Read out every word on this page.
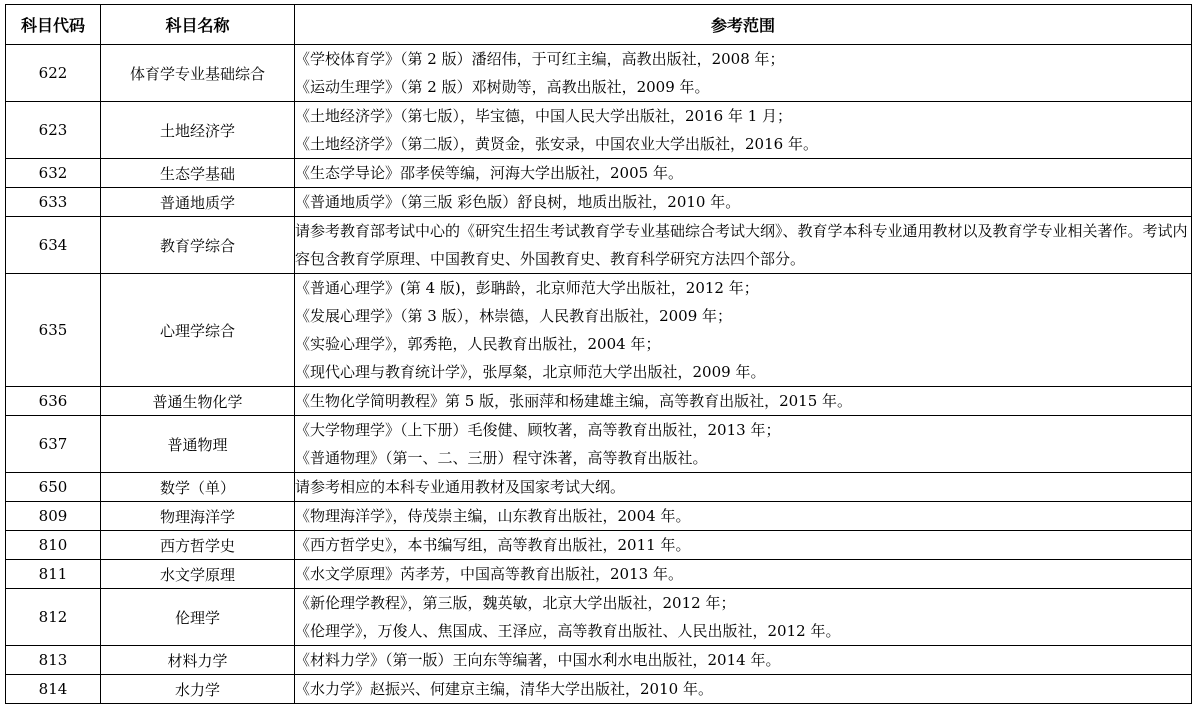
科目代码	科目名称	参考范围
622	体育学专业基础综合	《学校体育学》（第 2 版）潘绍伟，于可红主编，高教出版社，2008 年；
《运动生理学》（第 2 版）邓树勋等，高教出版社，2009 年。

623	土地经济学	《土地经济学》（第七版），毕宝德，中国人民大学出版社，2016 年 1 月；
《土地经济学》（第二版），黄贤金，张安录，中国农业大学出版社，2016 年。

632	生态学基础	《生态学导论》邵孝侯等编，河海大学出版社，2005 年。

633	普通地质学	《普通地质学》（第三版 彩色版）舒良树，地质出版社，2010 年。

634	教育学综合	请参考教育部考试中心的《研究生招生考试教育学专业基础综合考试大纲》、教育学本科专业通用教材以及教育学专业相关著作。考试内容包含教育学原理、中国教育史、外国教育史、教育科学研究方法四个部分。

635	心理学综合	《普通心理学》(第 4 版)，彭聃龄，北京师范大学出版社，2012 年；
《发展心理学》（第 3 版），林崇德，人民教育出版社，2009 年；
《实验心理学》，郭秀艳，人民教育出版社，2004 年；
《现代心理与教育统计学》，张厚粲，北京师范大学出版社，2009 年。

636	普通生物化学	《生物化学简明教程》第 5 版，张丽萍和杨建雄主编，高等教育出版社，2015 年。

637	普通物理	《大学物理学》（上下册）毛俊健、顾牧著，高等教育出版社，2013 年；
《普通物理》（第一、二、三册）程守洙著，高等教育出版社。

650	数学（单）	请参考相应的本科专业通用教材及国家考试大纲。

809	物理海洋学	《物理海洋学》，侍茂崇主编，山东教育出版社，2004 年。

810	西方哲学史	《西方哲学史》，本书编写组，高等教育出版社，2011 年。

811	水文学原理	《水文学原理》芮孝芳，中国高等教育出版社，2013 年。

812	伦理学	《新伦理学教程》，第三版，魏英敏，北京大学出版社，2012 年；
《伦理学》，万俊人、焦国成、王泽应，高等教育出版社、人民出版社，2012 年。

813	材料力学	《材料力学》（第一版）王向东等编著，中国水利水电出版社，2014 年。

814	水力学	《水力学》赵振兴、何建京主编，清华大学出版社，2010 年。
